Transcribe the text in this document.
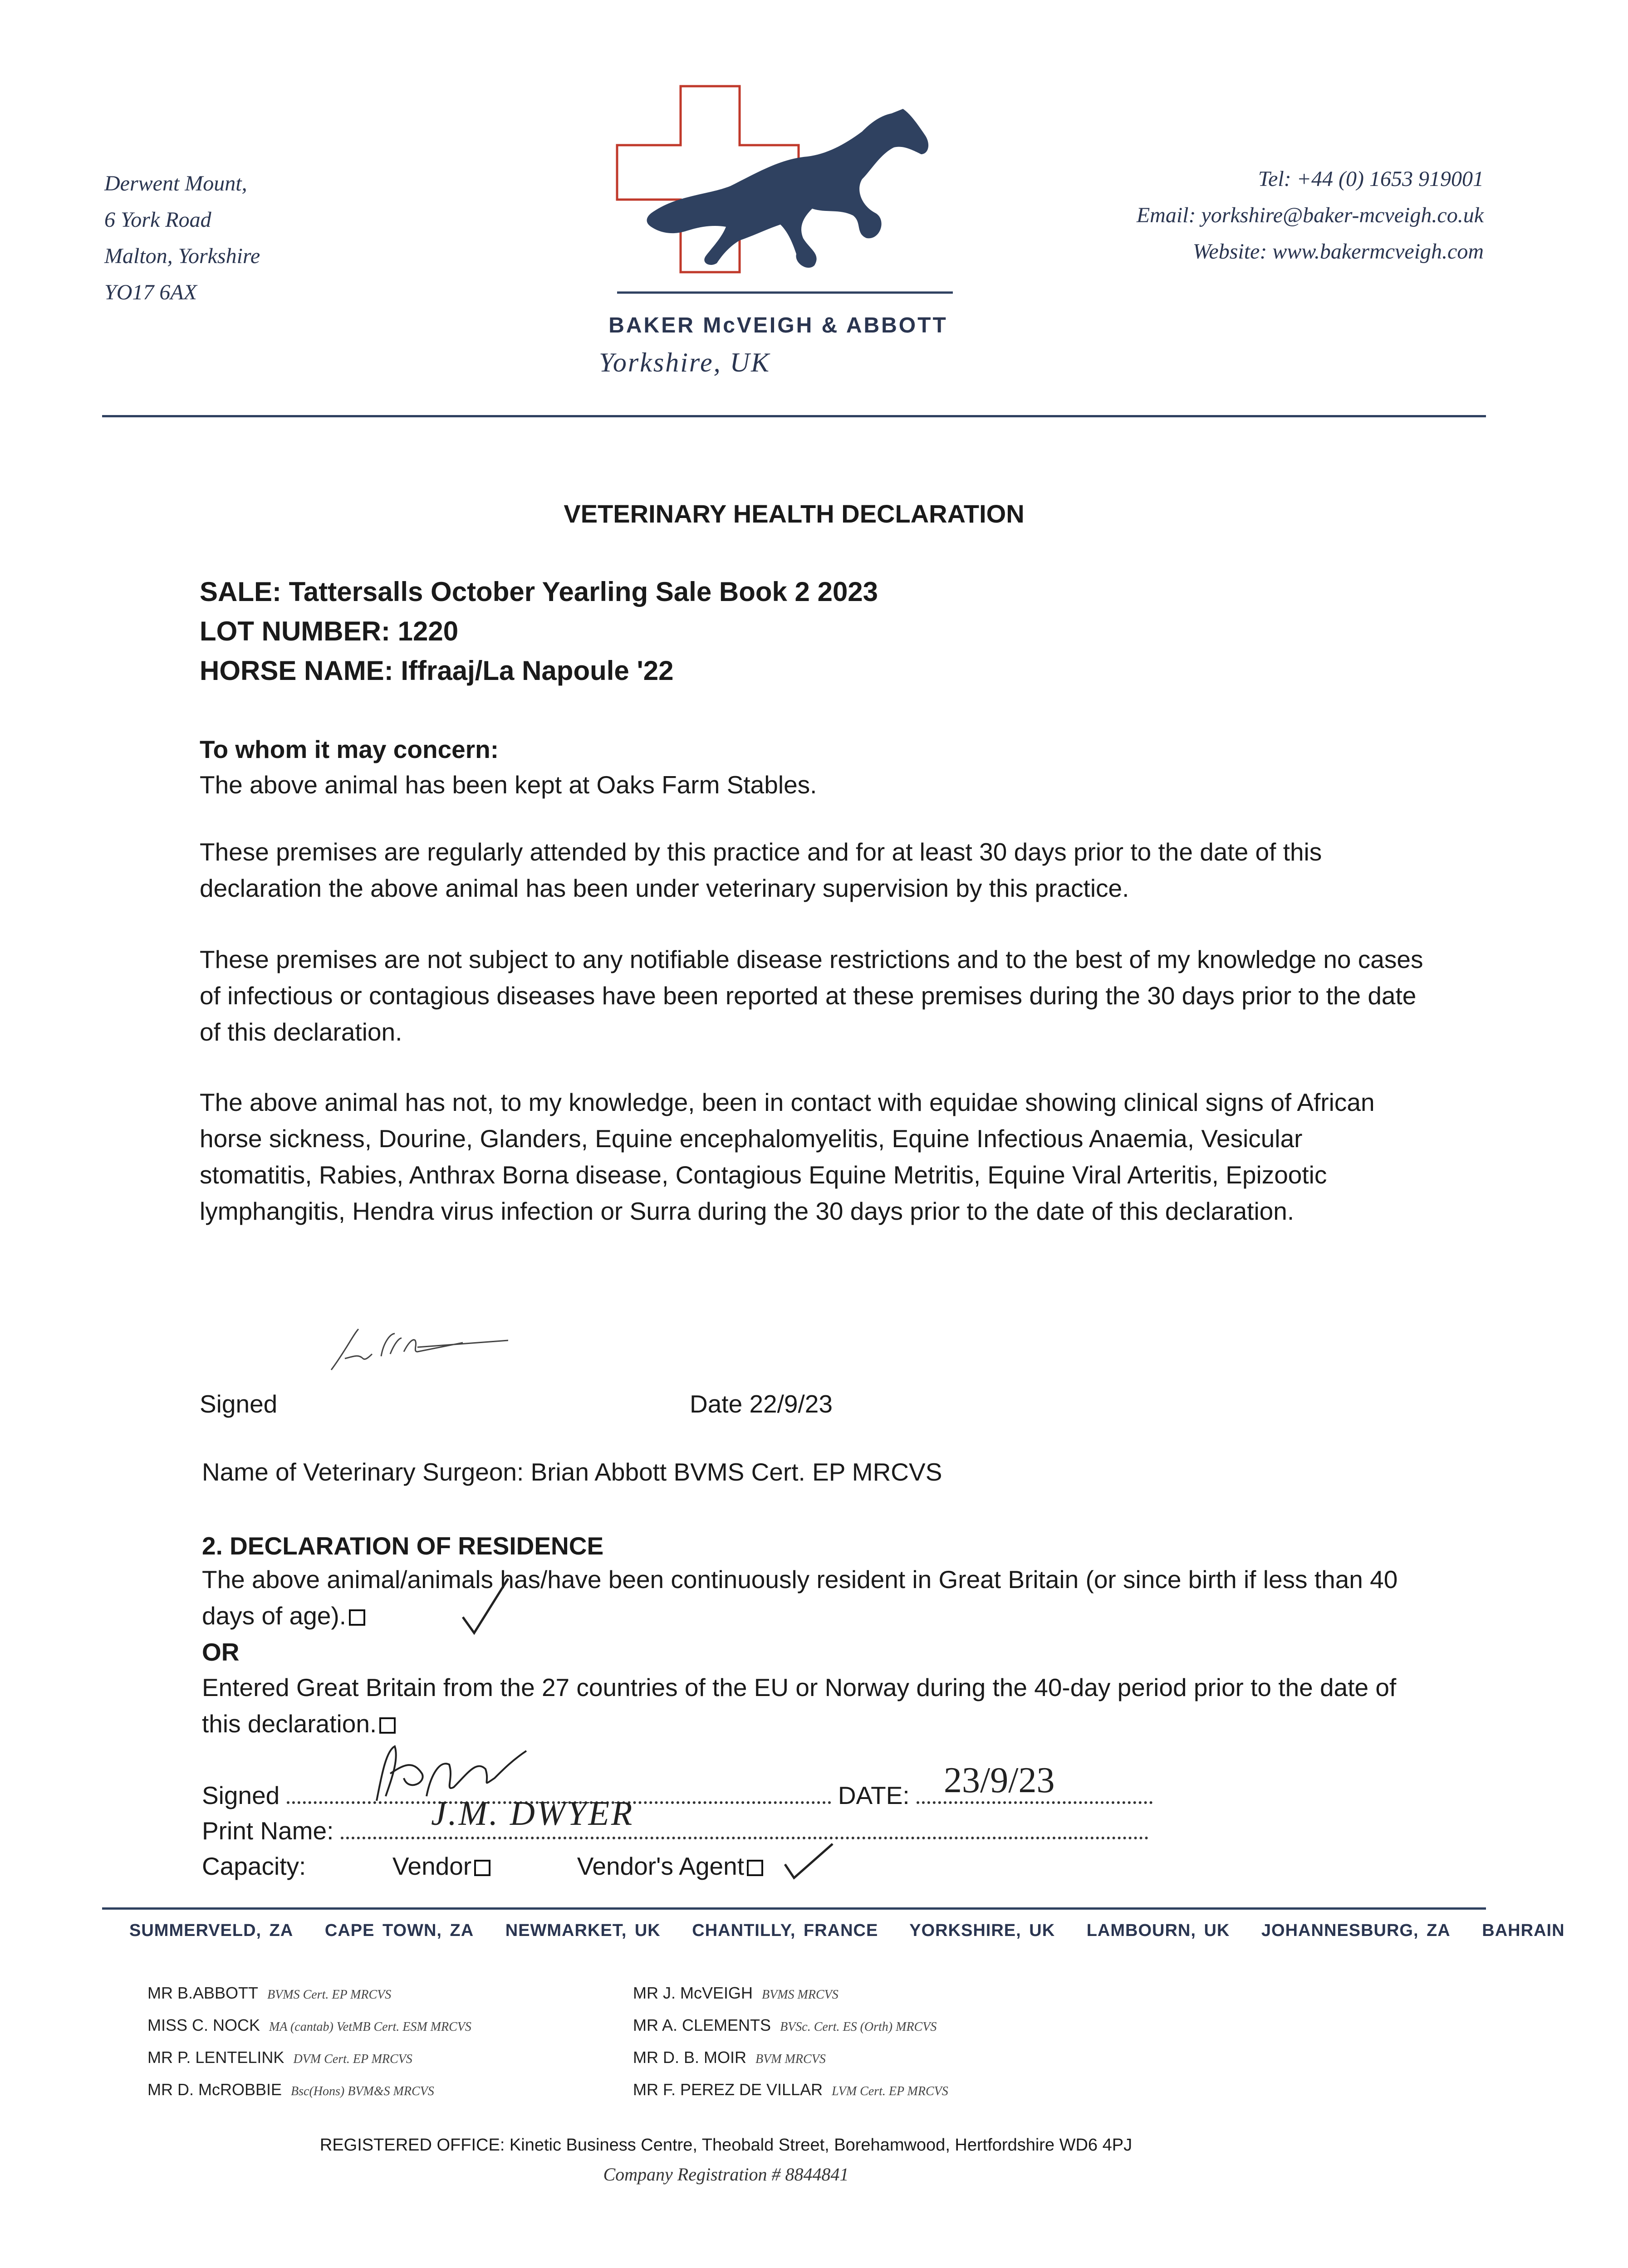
Derwent Mount,
6 York Road
Malton, Yorkshire
YO17 6AX
BAKER McVEIGH & ABBOTT
Yorkshire, UK
Tel: +44 (0) 1653 919001
Email: yorkshire@baker-mcveigh.co.uk
Website: www.bakermcveigh.com
VETERINARY HEALTH DECLARATION
SALE: Tattersalls October Yearling Sale Book 2 2023
LOT NUMBER: 1220
HORSE NAME: Iffraaj/La Napoule '22
To whom it may concern:
The above animal has been kept at Oaks Farm Stables.
These premises are regularly attended by this practice and for at least 30 days prior to the date of this declaration the above animal has been under veterinary supervision by this practice.
These premises are not subject to any notifiable disease restrictions and to the best of my knowledge no cases of infectious or contagious diseases have been reported at these premises during the 30 days prior to the date of this declaration.
The above animal has not, to my knowledge, been in contact with equidae showing clinical signs of African horse sickness, Dourine, Glanders, Equine encephalomyelitis, Equine Infectious Anaemia, Vesicular stomatitis, Rabies, Anthrax Borna disease, Contagious Equine Metritis, Equine Viral Arteritis, Epizootic lymphangitis, Hendra virus infection or Surra during the 30 days prior to the date of this declaration.
Signed	Date 22/9/23
Name of Veterinary Surgeon: Brian Abbott BVMS Cert. EP MRCVS
2. DECLARATION OF RESIDENCE
The above animal/animals has/have been continuously resident in Great Britain (or since birth if less than 40 days of age).
OR
Entered Great Britain from the 27 countries of the EU or Norway during the 40-day period prior to the date of this declaration.
Signed	DATE: 23/9/23
Print Name:	J.M. DWYER
Capacity:	Vendor	Vendor's Agent
SUMMERVELD, ZA CAPE TOWN, ZA NEWMARKET, UK CHANTILLY, FRANCE YORKSHIRE, UK LAMBOURN, UK JOHANNESBURG, ZA BAHRAIN
MR B.ABBOTT BVMS Cert. EP MRCVS
MISS C. NOCK MA (cantab) VetMB Cert. ESM MRCVS
MR P. LENTELINK DVM Cert. EP MRCVS
MR D. McROBBIE Bsc(Hons) BVM&S MRCVS
MR J. McVEIGH BVMS MRCVS
MR A. CLEMENTS BVSc. Cert. ES (Orth) MRCVS
MR D. B. MOIR BVM MRCVS
MR F. PEREZ DE VILLAR LVM Cert. EP MRCVS
REGISTERED OFFICE: Kinetic Business Centre, Theobald Street, Borehamwood, Hertfordshire WD6 4PJ
Company Registration # 8844841
